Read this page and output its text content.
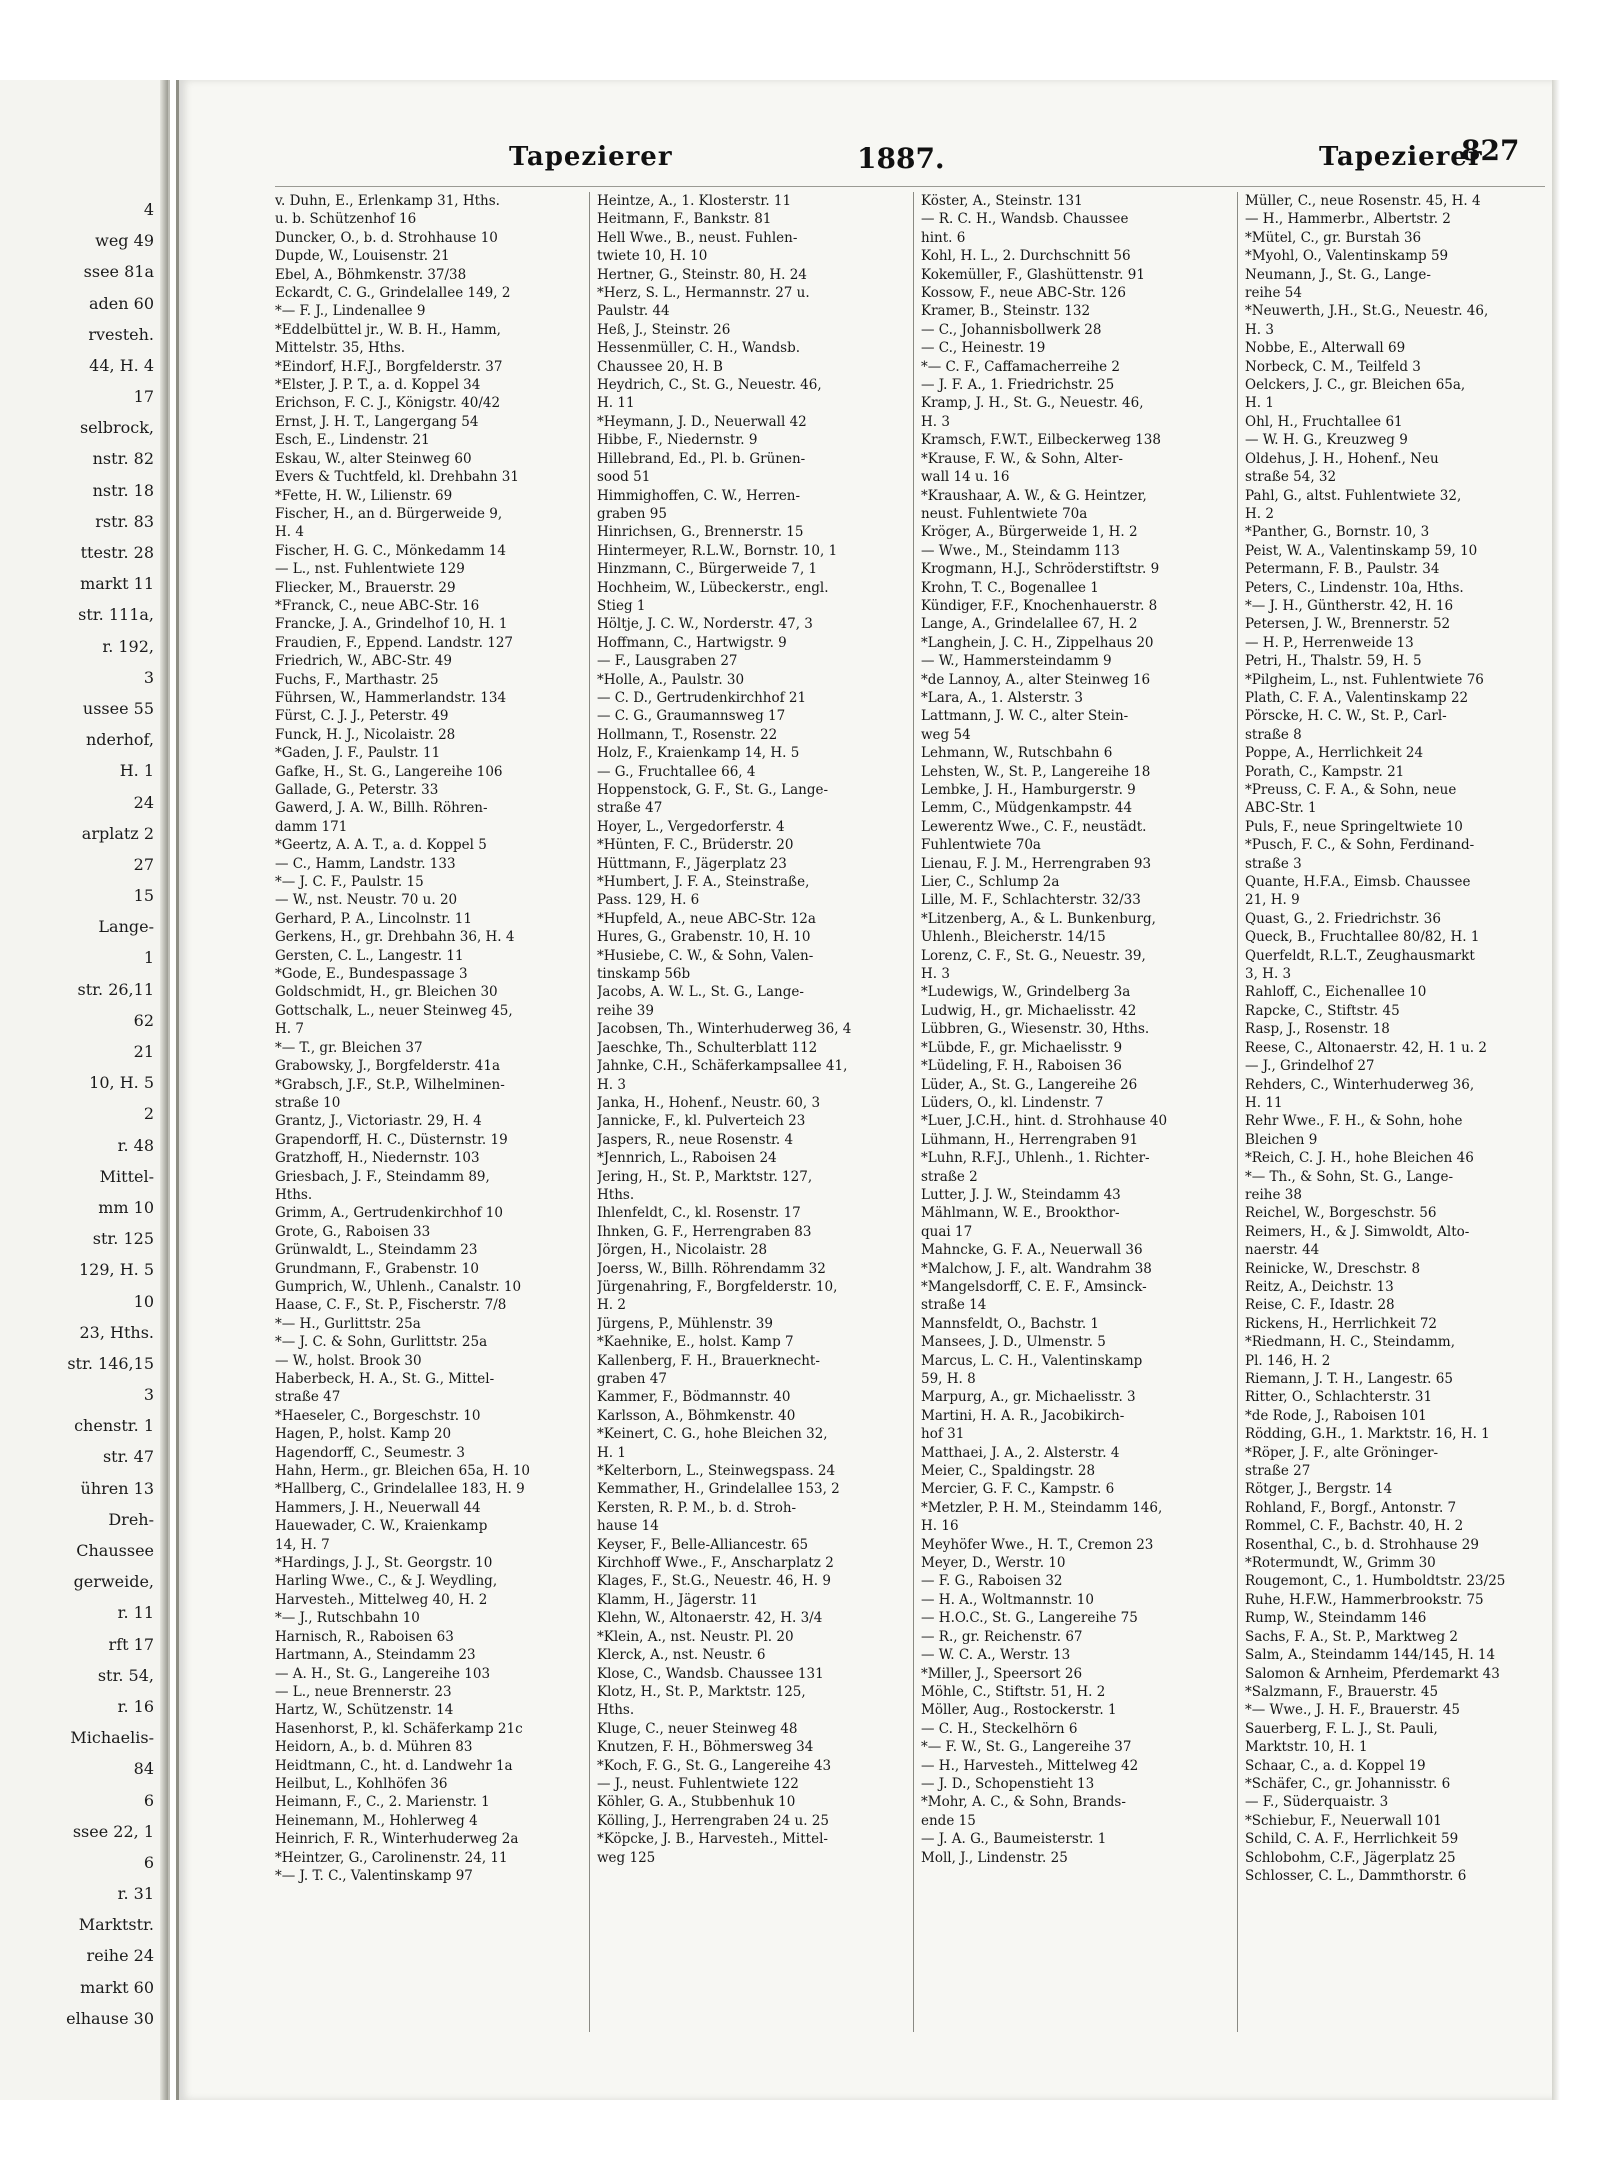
4
weg 49
ssee 81a
aden 60
rvesteh.
44, H. 4
17
selbrock,
nstr. 82
nstr. 18
rstr. 83
ttestr. 28
markt 11
str. 111a,
r. 192,
3
ussee 55
nderhof,
H. 1
24
arplatz 2
27
15
Lange-
1
str. 26,11
62
21
10, H. 5
2
r. 48
Mittel-
mm 10
str. 125
129, H. 5
10
23, Hths.
str. 146,15
3
chenstr. 1
str. 47
ühren 13
Dreh-
Chaussee
gerweide,
r. 11
rft 17
str. 54,
r. 16
Michaelis-
84
6
ssee 22, 1
6
r. 31
Marktstr.
reihe 24
markt 60
elhause 30
Tapezierer	1887.	Tapezierer
827
v. Duhn, E., Erlenkamp 31, Hths.
u. b. Schützenhof 16
Duncker, O., b. d. Strohhause 10
Dupde, W., Louisenstr. 21
Ebel, A., Böhmkenstr. 37/38
Eckardt, C. G., Grindelallee 149, 2
*— F. J., Lindenallee 9
*Eddelbüttel jr., W. B. H., Hamm,
Mittelstr. 35, Hths.
*Eindorf, H.F.J., Borgfelderstr. 37
*Elster, J. P. T., a. d. Koppel 34
Erichson, F. C. J., Königstr. 40/42
Ernst, J. H. T., Langergang 54
Esch, E., Lindenstr. 21
Eskau, W., alter Steinweg 60
Evers & Tuchtfeld, kl. Drehbahn 31
*Fette, H. W., Lilienstr. 69
Fischer, H., an d. Bürgerweide 9,
H. 4
Fischer, H. G. C., Mönkedamm 14
— L., nst. Fuhlentwiete 129
Fliecker, M., Brauerstr. 29
*Franck, C., neue ABC-Str. 16
Francke, J. A., Grindelhof 10, H. 1
Fraudien, F., Eppend. Landstr. 127
Friedrich, W., ABC-Str. 49
Fuchs, F., Marthastr. 25
Führsen, W., Hammerlandstr. 134
Fürst, C. J. J., Peterstr. 49
Funck, H. J., Nicolaistr. 28
*Gaden, J. F., Paulstr. 11
Gafke, H., St. G., Langereihe 106
Gallade, G., Peterstr. 33
Gawerd, J. A. W., Billh. Röhren-
damm 171
*Geertz, A. A. T., a. d. Koppel 5
— C., Hamm, Landstr. 133
*— J. C. F., Paulstr. 15
— W., nst. Neustr. 70 u. 20
Gerhard, P. A., Lincolnstr. 11
Gerkens, H., gr. Drehbahn 36, H. 4
Gersten, C. L., Langestr. 11
*Gode, E., Bundespassage 3
Goldschmidt, H., gr. Bleichen 30
Gottschalk, L., neuer Steinweg 45,
H. 7
*— T., gr. Bleichen 37
Grabowsky, J., Borgfelderstr. 41a
*Grabsch, J.F., St.P., Wilhelminen-
straße 10
Grantz, J., Victoriastr. 29, H. 4
Grapendorff, H. C., Düsternstr. 19
Gratzhoff, H., Niedernstr. 103
Griesbach, J. F., Steindamm 89,
Hths.
Grimm, A., Gertrudenkirchhof 10
Grote, G., Raboisen 33
Grünwaldt, L., Steindamm 23
Grundmann, F., Grabenstr. 10
Gumprich, W., Uhlenh., Canalstr. 10
Haase, C. F., St. P., Fischerstr. 7/8
*— H., Gurlittstr. 25a
*— J. C. & Sohn, Gurlittstr. 25a
— W., holst. Brook 30
Haberbeck, H. A., St. G., Mittel-
straße 47
*Haeseler, C., Borgeschstr. 10
Hagen, P., holst. Kamp 20
Hagendorff, C., Seumestr. 3
Hahn, Herm., gr. Bleichen 65a, H. 10
*Hallberg, C., Grindelallee 183, H. 9
Hammers, J. H., Neuerwall 44
Hauewader, C. W., Kraienkamp
14, H. 7
*Hardings, J. J., St. Georgstr. 10
Harling Wwe., C., & J. Weydling,
Harvesteh., Mittelweg 40, H. 2
*— J., Rutschbahn 10
Harnisch, R., Raboisen 63
Hartmann, A., Steindamm 23
— A. H., St. G., Langereihe 103
— L., neue Brennerstr. 23
Hartz, W., Schützenstr. 14
Hasenhorst, P., kl. Schäferkamp 21c
Heidorn, A., b. d. Mühren 83
Heidtmann, C., ht. d. Landwehr 1a
Heilbut, L., Kohlhöfen 36
Heimann, F., C., 2. Marienstr. 1
Heinemann, M., Hohlerweg 4
Heinrich, F. R., Winterhuderweg 2a
*Heintzer, G., Carolinenstr. 24, 11
*— J. T. C., Valentinskamp 97
Heintze, A., 1. Klosterstr. 11
Heitmann, F., Bankstr. 81
Hell Wwe., B., neust. Fuhlen-
twiete 10, H. 10
Hertner, G., Steinstr. 80, H. 24
*Herz, S. L., Hermannstr. 27 u.
Paulstr. 44
Heß, J., Steinstr. 26
Hessenmüller, C. H., Wandsb.
Chaussee 20, H. B
Heydrich, C., St. G., Neuestr. 46,
H. 11
*Heymann, J. D., Neuerwall 42
Hibbe, F., Niedernstr. 9
Hillebrand, Ed., Pl. b. Grünen-
sood 51
Himmighoffen, C. W., Herren-
graben 95
Hinrichsen, G., Brennerstr. 15
Hintermeyer, R.L.W., Bornstr. 10, 1
Hinzmann, C., Bürgerweide 7, 1
Hochheim, W., Lübeckerstr., engl.
Stieg 1
Höltje, J. C. W., Norderstr. 47, 3
Hoffmann, C., Hartwigstr. 9
— F., Lausgraben 27
*Holle, A., Paulstr. 30
— C. D., Gertrudenkirchhof 21
— C. G., Graumannsweg 17
Hollmann, T., Rosenstr. 22
Holz, F., Kraienkamp 14, H. 5
— G., Fruchtallee 66, 4
Hoppenstock, G. F., St. G., Lange-
straße 47
Hoyer, L., Vergedorferstr. 4
*Hünten, F. C., Brüderstr. 20
Hüttmann, F., Jägerplatz 23
*Humbert, J. F. A., Steinstraße,
Pass. 129, H. 6
*Hupfeld, A., neue ABC-Str. 12a
Hures, G., Grabenstr. 10, H. 10
*Husiebe, C. W., & Sohn, Valen-
tinskamp 56b
Jacobs, A. W. L., St. G., Lange-
reihe 39
Jacobsen, Th., Winterhuderweg 36, 4
Jaeschke, Th., Schulterblatt 112
Jahnke, C.H., Schäferkampsallee 41,
H. 3
Janka, H., Hohenf., Neustr. 60, 3
Jannicke, F., kl. Pulverteich 23
Jaspers, R., neue Rosenstr. 4
*Jennrich, L., Raboisen 24
Jering, H., St. P., Marktstr. 127,
Hths.
Ihlenfeldt, C., kl. Rosenstr. 17
Ihnken, G. F., Herrengraben 83
Jörgen, H., Nicolaistr. 28
Joerss, W., Billh. Röhrendamm 32
Jürgenahring, F., Borgfelderstr. 10,
H. 2
Jürgens, P., Mühlenstr. 39
*Kaehnike, E., holst. Kamp 7
Kallenberg, F. H., Brauerknecht-
graben 47
Kammer, F., Bödmannstr. 40
Karlsson, A., Böhmkenstr. 40
*Keinert, C. G., hohe Bleichen 32,
H. 1
*Kelterborn, L., Steinwegspass. 24
Kemmather, H., Grindelallee 153, 2
Kersten, R. P. M., b. d. Stroh-
hause 14
Keyser, F., Belle-Alliancestr. 65
Kirchhoff Wwe., F., Anscharplatz 2
Klages, F., St.G., Neuestr. 46, H. 9
Klamm, H., Jägerstr. 11
Klehn, W., Altonaerstr. 42, H. 3/4
*Klein, A., nst. Neustr. Pl. 20
Klerck, A., nst. Neustr. 6
Klose, C., Wandsb. Chaussee 131
Klotz, H., St. P., Marktstr. 125,
Hths.
Kluge, C., neuer Steinweg 48
Knutzen, F. H., Böhmersweg 34
*Koch, F. G., St. G., Langereihe 43
— J., neust. Fuhlentwiete 122
Köhler, G. A., Stubbenhuk 10
Kölling, J., Herrengraben 24 u. 25
*Köpcke, J. B., Harvesteh., Mittel-
weg 125
Köster, A., Steinstr. 131
— R. C. H., Wandsb. Chaussee
hint. 6
Kohl, H. L., 2. Durchschnitt 56
Kokemüller, F., Glashüttenstr. 91
Kossow, F., neue ABC-Str. 126
Kramer, B., Steinstr. 132
— C., Johannisbollwerk 28
— C., Heinestr. 19
*— C. F., Caffamacherreihe 2
— J. F. A., 1. Friedrichstr. 25
Kramp, J. H., St. G., Neuestr. 46,
H. 3
Kramsch, F.W.T., Eilbeckerweg 138
*Krause, F. W., & Sohn, Alter-
wall 14 u. 16
*Kraushaar, A. W., & G. Heintzer,
neust. Fuhlentwiete 70a
Kröger, A., Bürgerweide 1, H. 2
— Wwe., M., Steindamm 113
Krogmann, H.J., Schröderstiftstr. 9
Krohn, T. C., Bogenallee 1
Kündiger, F.F., Knochenhauerstr. 8
Lange, A., Grindelallee 67, H. 2
*Langhein, J. C. H., Zippelhaus 20
— W., Hammersteindamm 9
*de Lannoy, A., alter Steinweg 16
*Lara, A., 1. Alsterstr. 3
Lattmann, J. W. C., alter Stein-
weg 54
Lehmann, W., Rutschbahn 6
Lehsten, W., St. P., Langereihe 18
Lembke, J. H., Hamburgerstr. 9
Lemm, C., Müdgenkampstr. 44
Lewerentz Wwe., C. F., neustädt.
Fuhlentwiete 70a
Lienau, F. J. M., Herrengraben 93
Lier, C., Schlump 2a
Lille, M. F., Schlachterstr. 32/33
*Litzenberg, A., & L. Bunkenburg,
Uhlenh., Bleicherstr. 14/15
Lorenz, C. F., St. G., Neuestr. 39,
H. 3
*Ludewigs, W., Grindelberg 3a
Ludwig, H., gr. Michaelisstr. 42
Lübbren, G., Wiesenstr. 30, Hths.
*Lübde, F., gr. Michaelisstr. 9
*Lüdeling, F. H., Raboisen 36
Lüder, A., St. G., Langereihe 26
Lüders, O., kl. Lindenstr. 7
*Luer, J.C.H., hint. d. Strohhause 40
Lühmann, H., Herrengraben 91
*Luhn, R.F.J., Uhlenh., 1. Richter-
straße 2
Lutter, J. J. W., Steindamm 43
Mählmann, W. E., Brookthor-
quai 17
Mahncke, G. F. A., Neuerwall 36
*Malchow, J. F., alt. Wandrahm 38
*Mangelsdorff, C. E. F., Amsinck-
straße 14
Mannsfeldt, O., Bachstr. 1
Mansees, J. D., Ulmenstr. 5
Marcus, L. C. H., Valentinskamp
59, H. 8
Marpurg, A., gr. Michaelisstr. 3
Martini, H. A. R., Jacobikirch-
hof 31
Matthaei, J. A., 2. Alsterstr. 4
Meier, C., Spaldingstr. 28
Mercier, G. F. C., Kampstr. 6
*Metzler, P. H. M., Steindamm 146,
H. 16
Meyhöfer Wwe., H. T., Cremon 23
Meyer, D., Werstr. 10
— F. G., Raboisen 32
— H. A., Woltmannstr. 10
— H.O.C., St. G., Langereihe 75
— R., gr. Reichenstr. 67
— W. C. A., Werstr. 13
*Miller, J., Speersort 26
Möhle, C., Stiftstr. 51, H. 2
Möller, Aug., Rostockerstr. 1
— C. H., Steckelhörn 6
*— F. W., St. G., Langereihe 37
— H., Harvesteh., Mittelweg 42
— J. D., Schopenstieht 13
*Mohr, A. C., & Sohn, Brands-
ende 15
— J. A. G., Baumeisterstr. 1
Moll, J., Lindenstr. 25
Müller, C., neue Rosenstr. 45, H. 4
— H., Hammerbr., Albertstr. 2
*Mütel, C., gr. Burstah 36
*Myohl, O., Valentinskamp 59
Neumann, J., St. G., Lange-
reihe 54
*Neuwerth, J.H., St.G., Neuestr. 46,
H. 3
Nobbe, E., Alterwall 69
Norbeck, C. M., Teilfeld 3
Oelckers, J. C., gr. Bleichen 65a,
H. 1
Ohl, H., Fruchtallee 61
— W. H. G., Kreuzweg 9
Oldehus, J. H., Hohenf., Neu
straße 54, 32
Pahl, G., altst. Fuhlentwiete 32,
H. 2
*Panther, G., Bornstr. 10, 3
Peist, W. A., Valentinskamp 59, 10
Petermann, F. B., Paulstr. 34
Peters, C., Lindenstr. 10a, Hths.
*— J. H., Güntherstr. 42, H. 16
Petersen, J. W., Brennerstr. 52
— H. P., Herrenweide 13
Petri, H., Thalstr. 59, H. 5
*Pilgheim, L., nst. Fuhlentwiete 76
Plath, C. F. A., Valentinskamp 22
Pörscke, H. C. W., St. P., Carl-
straße 8
Poppe, A., Herrlichkeit 24
Porath, C., Kampstr. 21
*Preuss, C. F. A., & Sohn, neue
ABC-Str. 1
Puls, F., neue Springeltwiete 10
*Pusch, F. C., & Sohn, Ferdinand-
straße 3
Quante, H.F.A., Eimsb. Chaussee
21, H. 9
Quast, G., 2. Friedrichstr. 36
Queck, B., Fruchtallee 80/82, H. 1
Querfeldt, R.L.T., Zeughausmarkt
3, H. 3
Rahloff, C., Eichenallee 10
Rapcke, C., Stiftstr. 45
Rasp, J., Rosenstr. 18
Reese, C., Altonaerstr. 42, H. 1 u. 2
— J., Grindelhof 27
Rehders, C., Winterhuderweg 36,
H. 11
Rehr Wwe., F. H., & Sohn, hohe
Bleichen 9
*Reich, C. J. H., hohe Bleichen 46
*— Th., & Sohn, St. G., Lange-
reihe 38
Reichel, W., Borgeschstr. 56
Reimers, H., & J. Simwoldt, Alto-
naerstr. 44
Reinicke, W., Dreschstr. 8
Reitz, A., Deichstr. 13
Reise, C. F., Idastr. 28
Rickens, H., Herrlichkeit 72
*Riedmann, H. C., Steindamm,
Pl. 146, H. 2
Riemann, J. T. H., Langestr. 65
Ritter, O., Schlachterstr. 31
*de Rode, J., Raboisen 101
Rödding, G.H., 1. Marktstr. 16, H. 1
*Röper, J. F., alte Gröninger-
straße 27
Rötger, J., Bergstr. 14
Rohland, F., Borgf., Antonstr. 7
Rommel, C. F., Bachstr. 40, H. 2
Rosenthal, C., b. d. Strohhause 29
*Rotermundt, W., Grimm 30
Rougemont, C., 1. Humboldtstr. 23/25
Ruhe, H.F.W., Hammerbrookstr. 75
Rump, W., Steindamm 146
Sachs, F. A., St. P., Marktweg 2
Salm, A., Steindamm 144/145, H. 14
Salomon & Arnheim, Pferdemarkt 43
*Salzmann, F., Brauerstr. 45
*— Wwe., J. H. F., Brauerstr. 45
Sauerberg, F. L. J., St. Pauli,
Marktstr. 10, H. 1
Schaar, C., a. d. Koppel 19
*Schäfer, C., gr. Johannisstr. 6
— F., Süderquaistr. 3
*Schiebur, F., Neuerwall 101
Schild, C. A. F., Herrlichkeit 59
Schlobohm, C.F., Jägerplatz 25
Schlosser, C. L., Dammthorstr. 6
